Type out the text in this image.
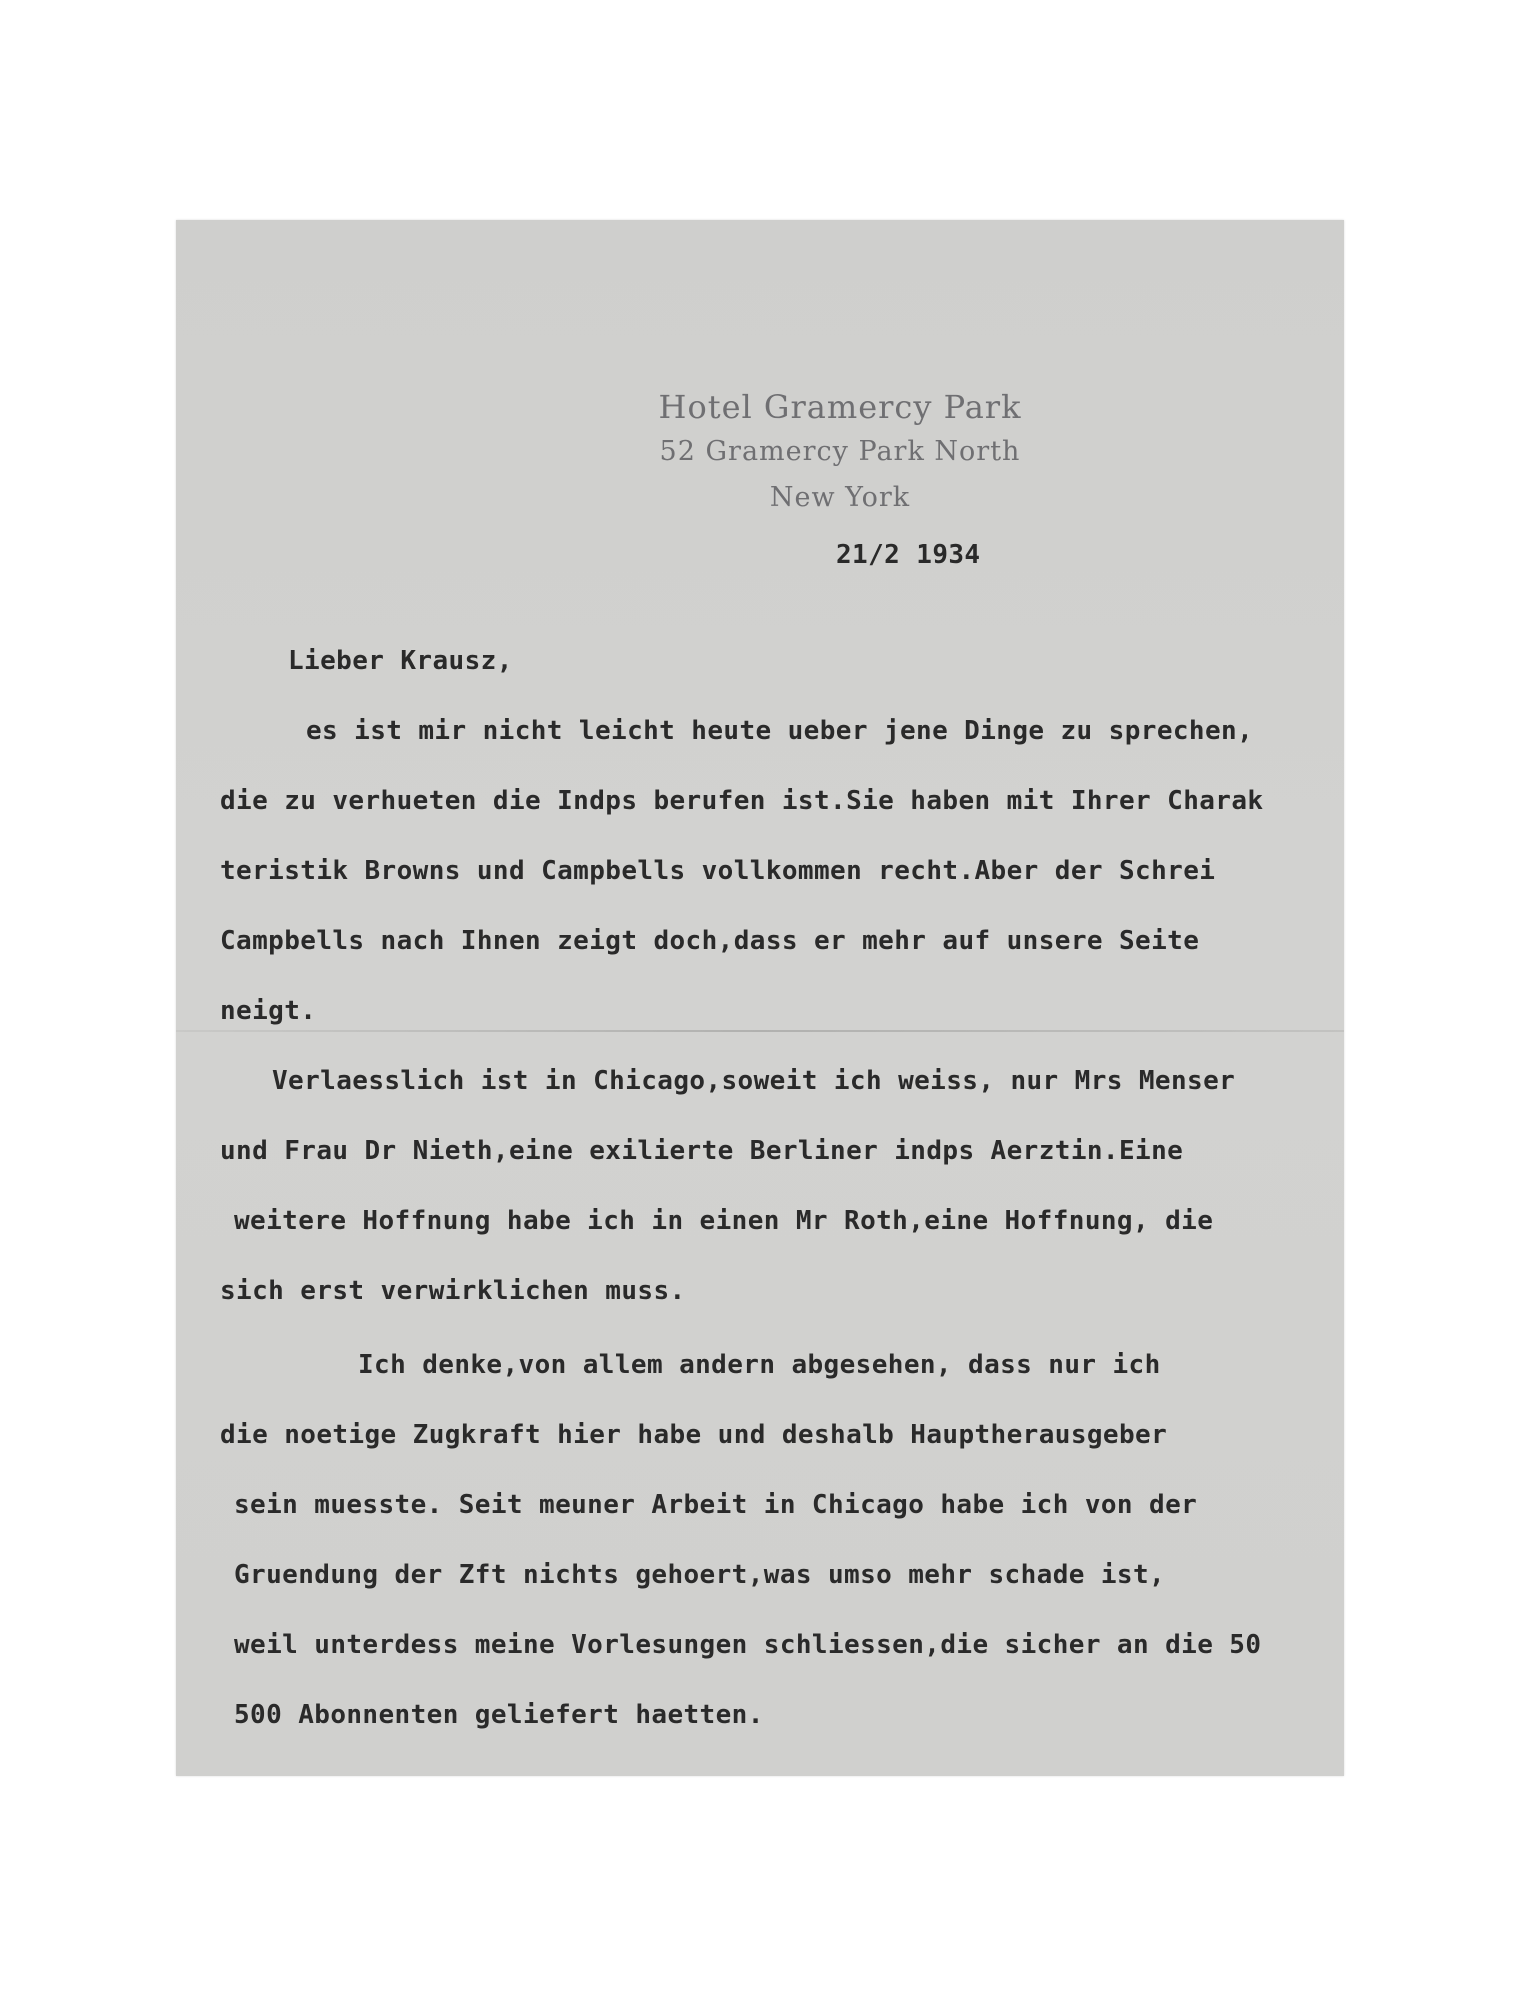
Hotel Gramercy Park
52 Gramercy Park North
New York
21/2 1934
Lieber Krausz,
es ist mir nicht leicht heute ueber jene Dinge zu sprechen,
die zu verhueten die Indps berufen ist.Sie haben mit Ihrer Charak
teristik Browns und Campbells vollkommen recht.Aber der Schrei
Campbells nach Ihnen zeigt doch,dass er mehr auf unsere Seite
neigt.
Verlaesslich ist in Chicago,soweit ich weiss, nur Mrs Menser
und Frau Dr Nieth,eine exilierte Berliner indps Aerztin.Eine
weitere Hoffnung habe ich in einen Mr Roth,eine Hoffnung, die
sich erst verwirklichen muss.
Ich denke,von allem andern abgesehen, dass nur ich
die noetige Zugkraft hier habe und deshalb Hauptherausgeber
sein muesste. Seit meuner Arbeit in Chicago habe ich von der
Gruendung der Zft nichts gehoert,was umso mehr schade ist,
weil unterdess meine Vorlesungen schliessen,die sicher an die 50
500 Abonnenten geliefert haetten.
